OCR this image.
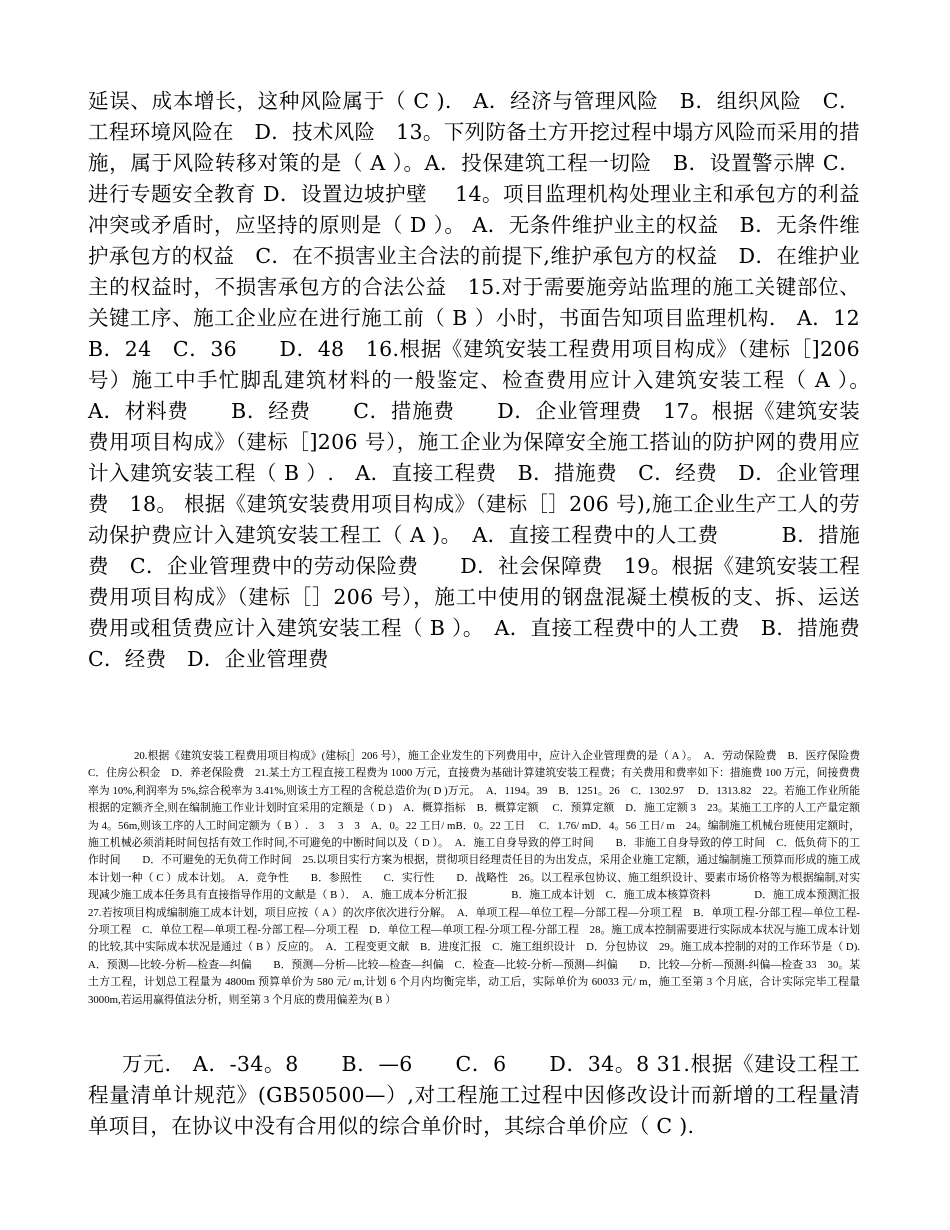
延误、成本增长，这种风险属于（ C ).　A．经济与管理风险　B．组织风险　C．工程环境风险在　D．技术风险　13。下列防备土方开挖过程中塌方风险而采用的措施，属于风险转移对策的是（ A ）。A．投保建筑工程一切险　B．设置警示牌 C．进行专题安全教育 D．设置边坡护壁　 14。项目监理机构处理业主和承包方的利益冲突或矛盾时，应坚持的原则是（ D ）。 A．无条件维护业主的权益　B．无条件维护承包方的权益　C．在不损害业主合法的前提下,维护承包方的权益　D．在维护业主的权益时，不损害承包方的合法公益　15.对于需要施旁站监理的施工关键部位、关键工序、施工企业应在进行施工前（ B ）小时，书面告知项目监理机构.　A．12　　B．24　C．36　　D．48　16.根据《建筑安装工程费用项目构成》（建标［]206号）施工中手忙脚乱建筑材料的一般鉴定、检查费用应计入建筑安装工程（ A ）。　A．材料费　　B．经费　　C．措施费　　D．企业管理费　17。根据《建筑安装费用项目构成》（建标［]206 号），施工企业为保障安全施工搭讪的防护网的费用应计入建筑安装工程（ B ）.　A．直接工程费　B．措施费　C．经费　D．企业管理费　18。 根据《建筑安装费用项目构成》（建标［］206 号),施工企业生产工人的劳动保护费应计入建筑安装工程工（ A )。　A．直接工程费中的人工费　　　B．措施费　C．企业管理费中的劳动保险费　　D．社会保障费　19。根据《建筑安装工程费用项目构成》（建标［］206 号），施工中使用的钢盘混凝土模板的支、拆、运送费用或租赁费应计入建筑安装工程（ B ）。　A．直接工程费中的人工费　B．措施费　C．经费　D．企业管理费
20.根据《建筑安装工程费用项目构成》(建标[］206 号），施工企业发生的下列费用中，应计入企业管理费的是（ A ）。　A．劳动保险费　B．医疗保险费　C．住房公积金　D．养老保险费　21.某土方工程直接工程费为 1000 万元，直接费为基础计算建筑安装工程费；有关费用和费率如下：措施费 100 万元，间接费费率为 10%,利润率为 5%,综合税率为 3.41%,则该土方工程的含税总造价为( D )万元。　A．1194。39　B．1251。26　C．1302.97　 D．1313.82　22。若施工作业所能根据的定额齐全,则在编制施工作业计划时宜采用的定额是（ D )　A．概算指标　B．概算定额　 C．预算定额　D．施工定额 3　23。某施工工序的人工产量定额为 4。56m,则该工序的人工时间定额为（ B ）.　3　 3　3　A．0。22 工日/ mB．0。22 工日　 C．1.76/ mD．4。56 工日/ m　24。编制施工机械台班使用定额时，施工机械必须消耗时间包括有效工作时间,不可避免的中断时间以及（ D ）。　A．施工自身导致的停工时间　　B．非施工自身导致的停工时间　C．低负荷下的工作时间　　D．不可避免的无负荷工作时间　25.以项目实行方案为根据，贯彻项目经理责任目的为出发点，采用企业施工定额，通过编制施工预算而形成的施工成本计划一种（ C ）成本计划。　A．竞争性　　B．参照性　　C．实行性　　D．战略性　26。以工程承包协议、施工组织设计、要素市场价格等为根据编制,对实现减少施工成本任务具有直接指导作用的文献是（ B ）．　A．施工成本分析汇报　　　　B．施工成本计划　C．施工成本核算资料　　　　D．施工成本预测汇报　27.若按项目构成编制施工成本计划，项目应按（ A ）的次序依次进行分解。　A．单项工程—单位工程—分部工程—分项工程　B．单项工程-分部工程—单位工程-分项工程　C．单位工程—单项工程-分部工程—分项工程　D．单位工程—单项工程-分项工程-分部工程　28。施工成本控制需要进行实际成本状况与施工成本计划的比较,其中实际成本状况是通过（ B ）反应的。　A．工程变更文献　B．进度汇报　C．施工组织设计　D．分包协议　29。施工成本控制的对的工作环节是（ D).　A．预测—比较-分析—检查—纠偏　　B．预测—分析—比较—检查—纠偏　C．检查—比较-分析—预测—纠偏　　D．比较—分析—预测-纠偏—检查 33　30。某土方工程，计划总工程量为 4800m 预算单价为 580 元/ m,计划 6 个月内均衡完毕，动工后，实际单价为 60033 元/ m，施工至第 3 个月底，合计实际完毕工程量 3000m,若运用赢得值法分析，则至第 3 个月底的费用偏差为( B ）
万元.　A．-34。8　　B．—6　　C．6　　D．34。8 31.根据《建设工程工程量清单计规范》(GB50500—）,对工程施工过程中因修改设计而新增的工程量清单项目，在协议中没有合用似的综合单价时，其综合单价应（ C ).
